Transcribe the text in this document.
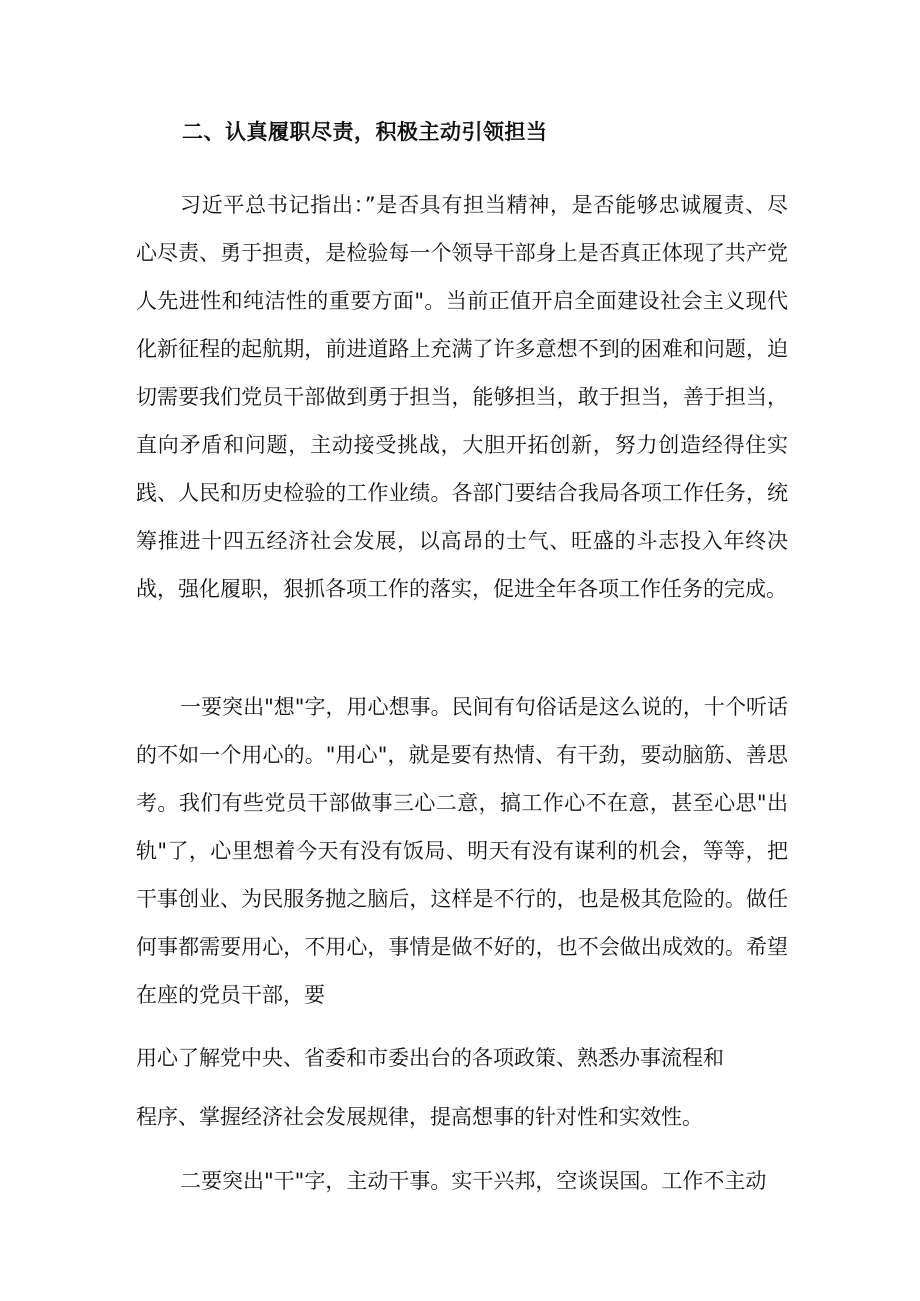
二、认真履职尽责，积极主动引领担当
习近平总书记指出：”是否具有担当精神，是否能够忠诚履责、尽心尽责、勇于担责，是检验每一个领导干部身上是否真正体现了共产党人先进性和纯洁性的重要方面"。当前正值开启全面建设社会主义现代化新征程的起航期，前进道路上充满了许多意想不到的困难和问题，迫切需要我们党员干部做到勇于担当，能够担当，敢于担当，善于担当，直向矛盾和问题，主动接受挑战，大胆开拓创新，努力创造经得住实践、人民和历史检验的工作业绩。各部门要结合我局各项工作任务，统筹推进十四五经济社会发展，以高昂的士气、旺盛的斗志投入年终决战，强化履职，狠抓各项工作的落实，促进全年各项工作任务的完成。
一要突出"想"字，用心想事。民间有句俗话是这么说的，十个听话的不如一个用心的。"用心"，就是要有热情、有干劲，要动脑筋、善思考。我们有些党员干部做事三心二意，搞工作心不在意，甚至心思"出轨"了，心里想着今天有没有饭局、明天有没有谋利的机会，等等，把干事创业、为民服务抛之脑后，这样是不行的，也是极其危险的。做任何事都需要用心，不用心，事情是做不好的，也不会做出成效的。希望在座的党员干部，要
用心了解党中央、省委和市委出台的各项政策、熟悉办事流程和
程序、掌握经济社会发展规律，提高想事的针对性和实效性。
二要突出"干"字，主动干事。实干兴邦，空谈误国。工作不主动
